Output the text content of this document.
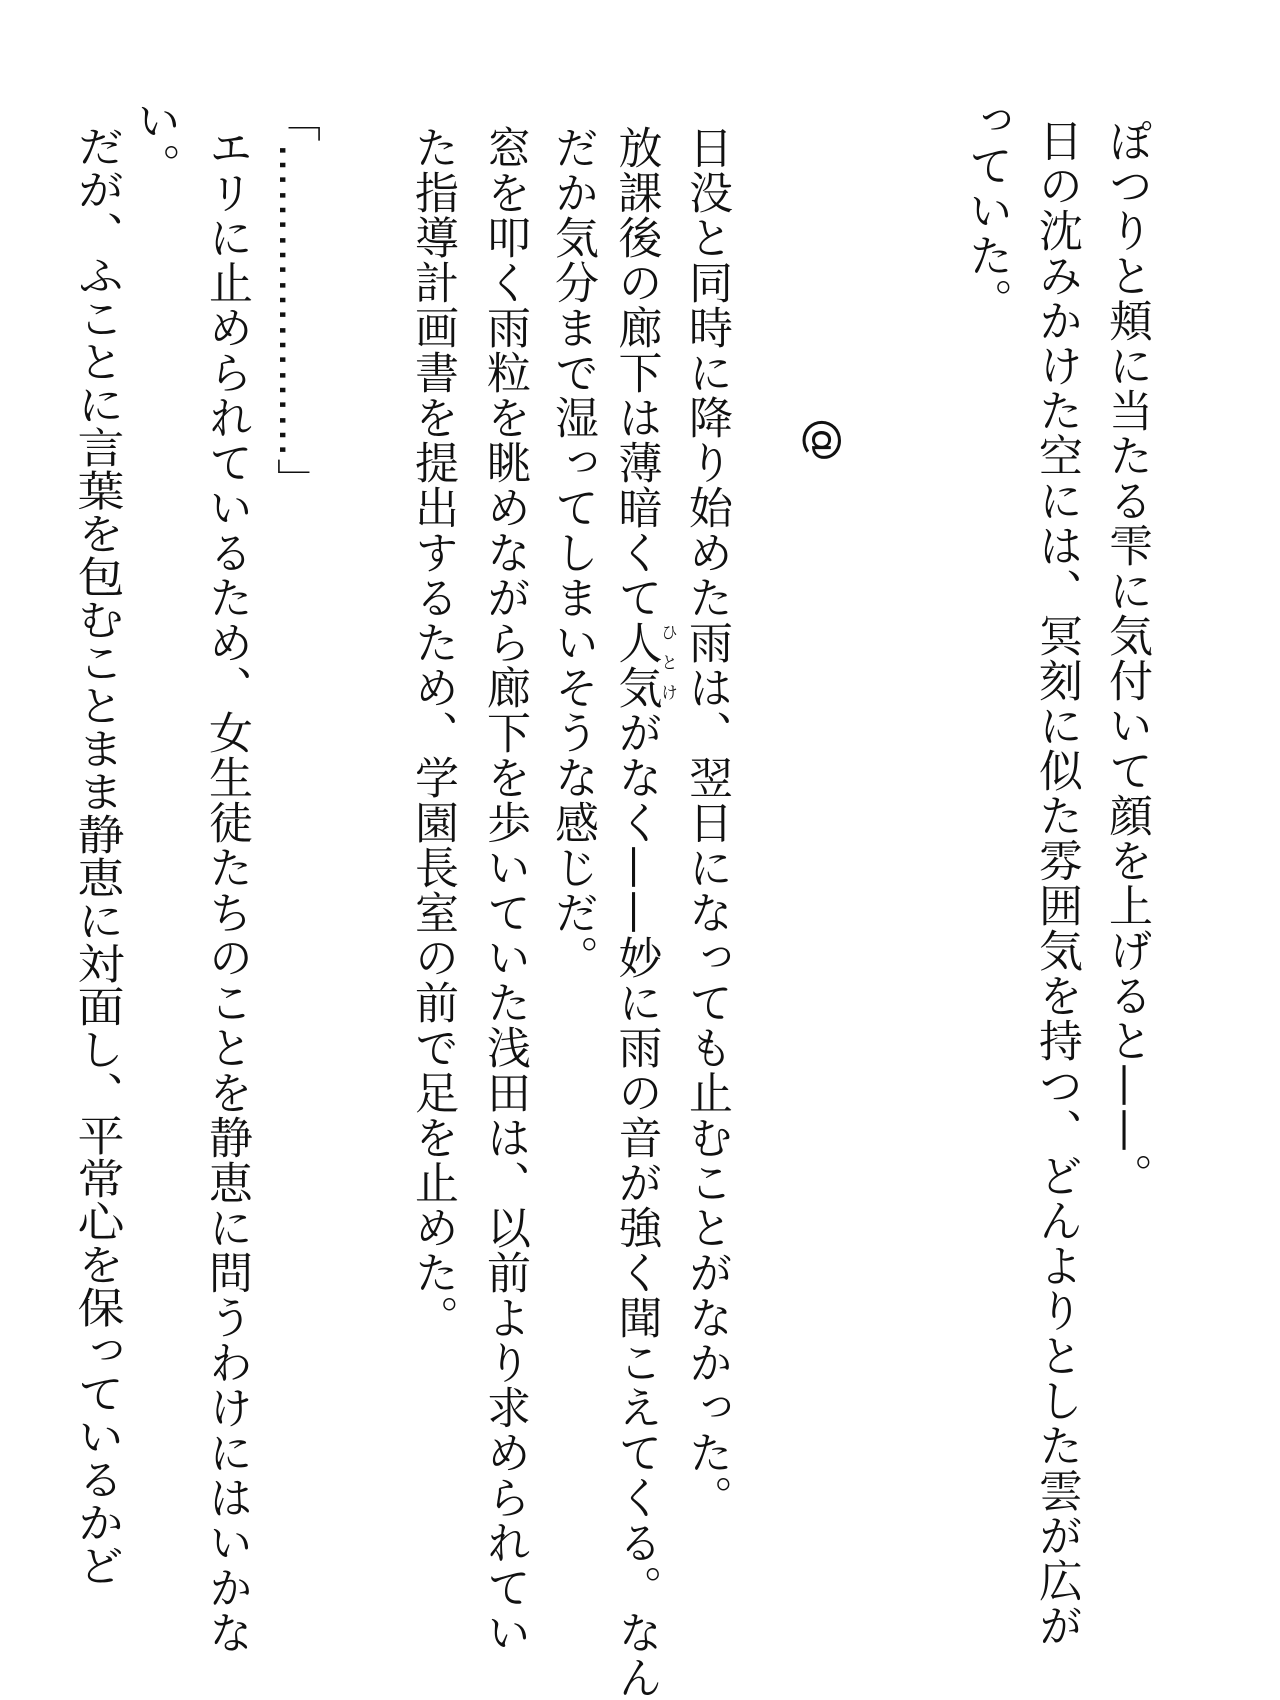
ぽつりと頬に当たる雫に気付いて顔を上げると——。

日の沈みかけた空には、冥刻に似た雰囲気を持つ、どんよりとした雲が広が

っていた。

@

日没と同時に降り始めた雨は、翌日になっても止むことがなかった。

放課後の廊下は薄暗くて人気ひとけがなく——妙に雨の音が強く聞こえてくる。なん

だか気分まで湿ってしまいそうな感じだ。

窓を叩く雨粒を眺めながら廊下を歩いていた浅田は、以前より求められてい

た指導計画書を提出するため、学園長室の前で足を止めた。

「…………………」

エリに止められているため、女生徒たちのことを静恵に問うわけにはいかな

い。

だが、ふことに言葉を包むことまま静恵に対面し、平常心を保っているかど
